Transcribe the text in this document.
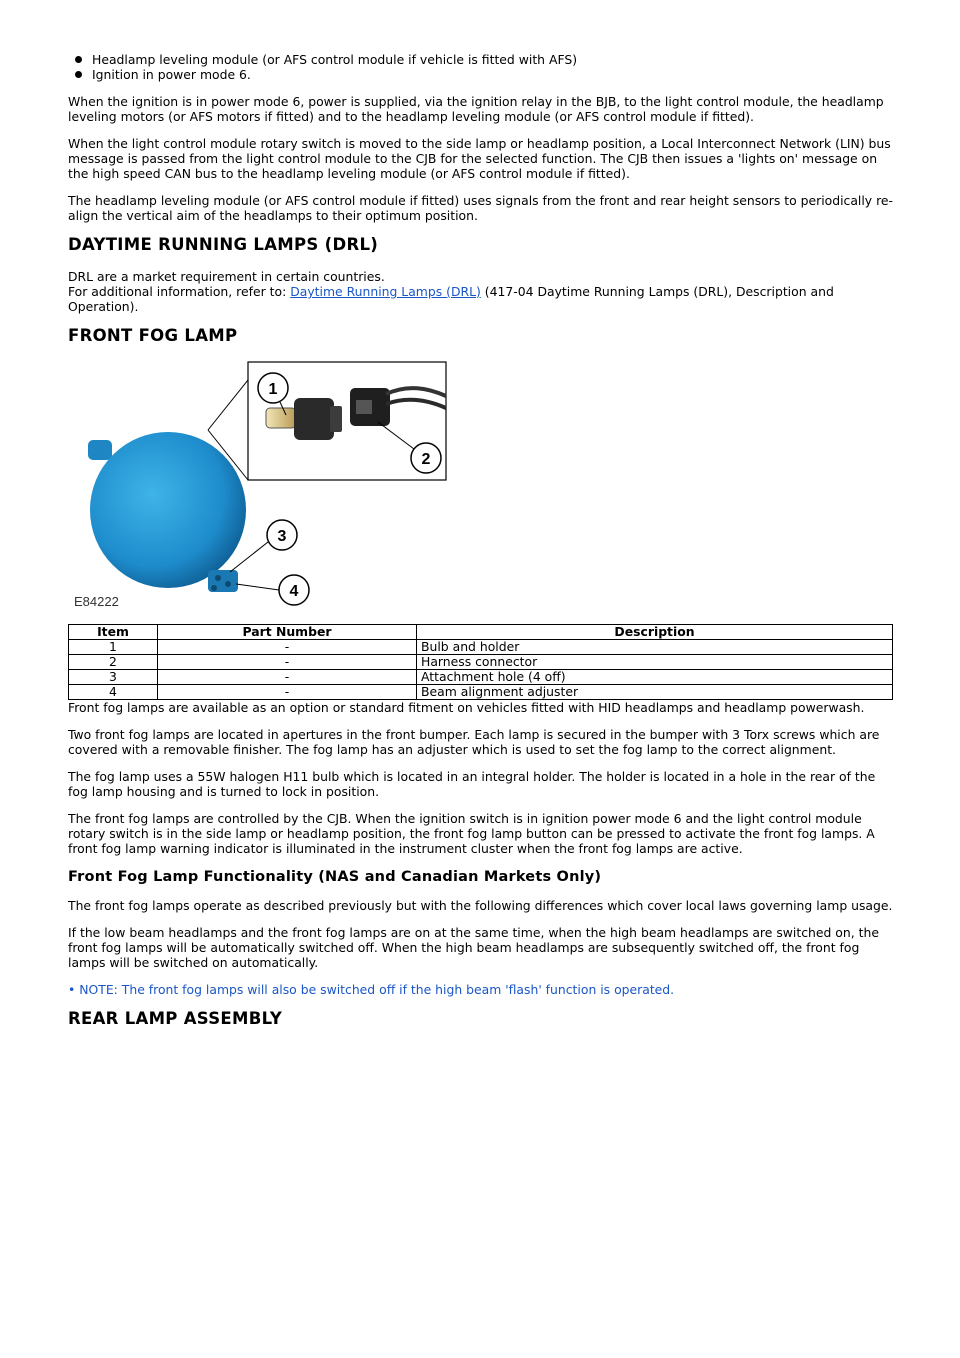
Headlamp leveling module (or AFS control module if vehicle is fitted with AFS)
Ignition in power mode 6.

When the ignition is in power mode 6, power is supplied, via the ignition relay in the BJB, to the light control module, the headlamp leveling motors (or AFS motors if fitted) and to the headlamp leveling module (or AFS control module if fitted).

When the light control module rotary switch is moved to the side lamp or headlamp position, a Local Interconnect Network (LIN) bus message is passed from the light control module to the CJB for the selected function. The CJB then issues a 'lights on' message on the high speed CAN bus to the headlamp leveling module (or AFS control module if fitted).

The headlamp leveling module (or AFS control module if fitted) uses signals from the front and rear height sensors to periodically re-align the vertical aim of the headlamps to their optimum position.

DAYTIME RUNNING LAMPS (DRL)

DRL are a market requirement in certain countries.
For additional information, refer to: Daytime Running Lamps (DRL) (417-04 Daytime Running Lamps (DRL), Description and Operation).

FRONT FOG LAMP
1
2
3
4
E84222
Item	Part Number	Description
1	-	Bulb and holder
2	-	Harness connector
3	-	Attachment hole (4 off)
4	-	Beam alignment adjuster

Front fog lamps are available as an option or standard fitment on vehicles fitted with HID headlamps and headlamp powerwash.

Two front fog lamps are located in apertures in the front bumper. Each lamp is secured in the bumper with 3 Torx screws which are covered with a removable finisher. The fog lamp has an adjuster which is used to set the fog lamp to the correct alignment.

The fog lamp uses a 55W halogen H11 bulb which is located in an integral holder. The holder is located in a hole in the rear of the fog lamp housing and is turned to lock in position.

The front fog lamps are controlled by the CJB. When the ignition switch is in ignition power mode 6 and the light control module rotary switch is in the side lamp or headlamp position, the front fog lamp button can be pressed to activate the front fog lamps. A front fog lamp warning indicator is illuminated in the instrument cluster when the front fog lamps are active.

Front Fog Lamp Functionality (NAS and Canadian Markets Only)

The front fog lamps operate as described previously but with the following differences which cover local laws governing lamp usage.

If the low beam headlamps and the front fog lamps are on at the same time, when the high beam headlamps are switched on, the front fog lamps will be automatically switched off. When the high beam headlamps are subsequently switched off, the front fog lamps will be switched on automatically.

• NOTE: The front fog lamps will also be switched off if the high beam 'flash' function is operated.

REAR LAMP ASSEMBLY
